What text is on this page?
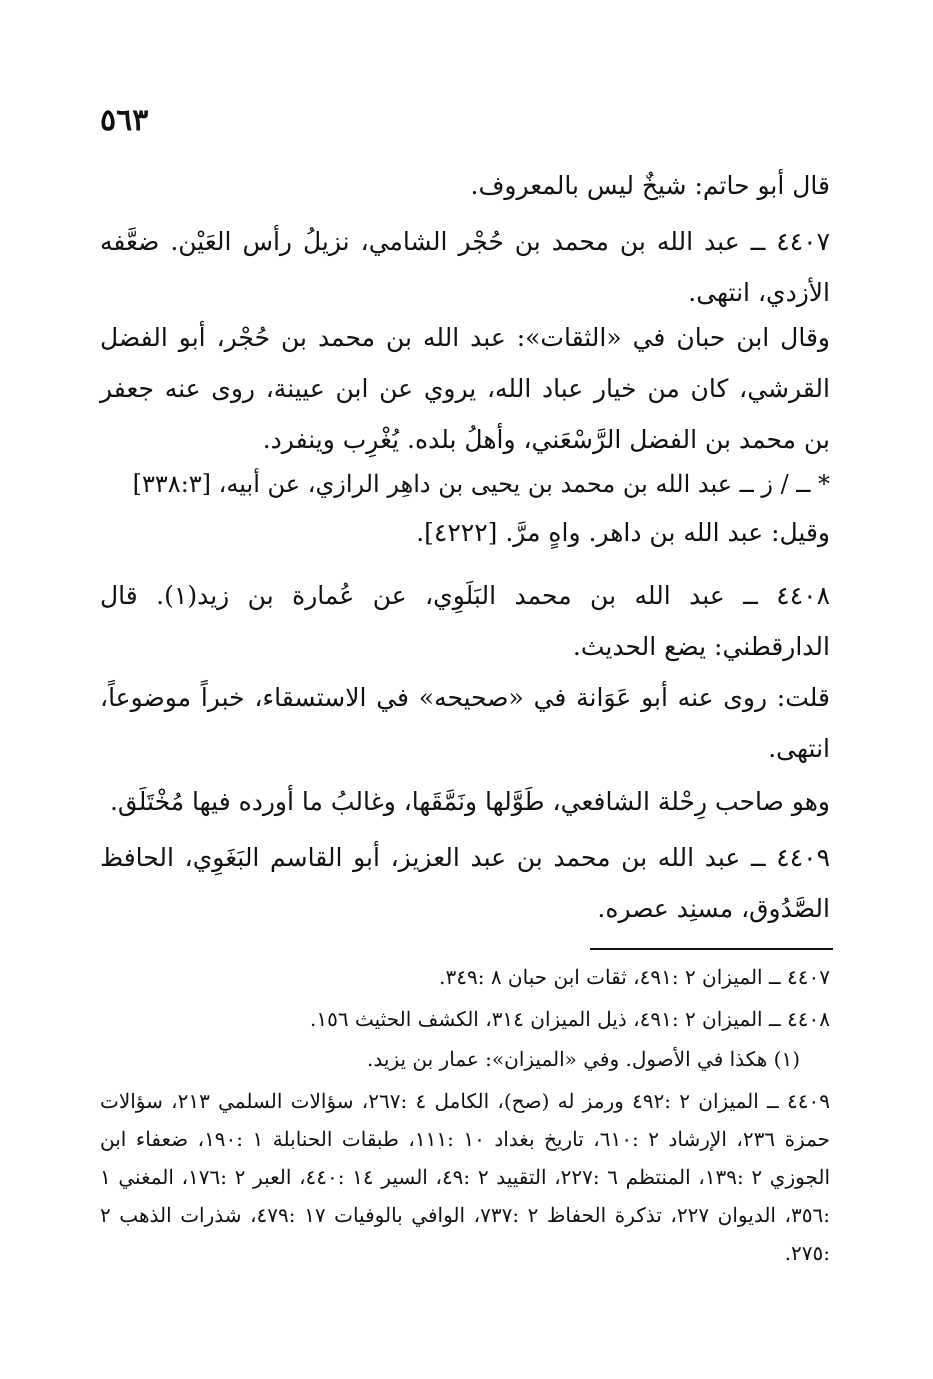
٥٦٣

قال أبو حاتم: شيخٌ ليس بالمعروف.

٤٤٠٧ ــ عبد الله بن محمد بن حُجْر الشامي، نزيلُ رأس العَيْن. ضعَّفه الأزدي، انتهى.

وقال ابن حبان في «الثقات»: عبد الله بن محمد بن حُجْر، أبو الفضل القرشي، كان من خيار عباد الله، يروي عن ابن عيينة، روى عنه جعفر بن محمد بن الفضل الرَّسْعَني، وأهلُ بلده. يُغْرِب وينفرد.

* ــ / ز ــ عبد الله بن محمد بن يحيى بن داهِر الرازي، عن أبيه، [٣٣٨:٣]

وقيل: عبد الله بن داهر. واهٍ مرَّ. [٤٢٢٢].

٤٤٠٨ ــ عبد الله بن محمد البَلَوِي، عن عُمارة بن زيد(١). قال الدارقطني: يضع الحديث.

قلت: روى عنه أبو عَوَانة في «صحيحه» في الاستسقاء، خبراً موضوعاً، انتهى.

وهو صاحب رِحْلة الشافعي، طَوَّلها ونَمَّقَها، وغالبُ ما أورده فيها مُخْتَلَق.

٤٤٠٩ ــ عبد الله بن محمد بن عبد العزيز، أبو القاسم البَغَوِي، الحافظ الصَّدُوق، مسنِد عصره.

٤٤٠٧ ــ الميزان ٢ :٤٩١، ثقات ابن حبان ٨ :٣٤٩.

٤٤٠٨ ــ الميزان ٢ :٤٩١، ذيل الميزان ٣١٤، الكشف الحثيث ١٥٦.

(١) هكذا في الأصول. وفي «الميزان»: عمار بن يزيد.

٤٤٠٩ ــ الميزان ٢ :٤٩٢ ورمز له (صح)، الكامل ٤ :٢٦٧، سؤالات السلمي ٢١٣، سؤالات حمزة ٢٣٦، الإرشاد ٢ :٦١٠، تاريخ بغداد ١٠ :١١١، طبقات الحنابلة ١ :١٩٠، ضعفاء ابن الجوزي ٢ :١٣٩، المنتظم ٦ :٢٢٧، التقييد ٢ :٤٩، السير ١٤ :٤٤٠، العبر ٢ :١٧٦، المغني ١ :٣٥٦، الديوان ٢٢٧، تذكرة الحفاظ ٢ :٧٣٧، الوافي بالوفيات ١٧ :٤٧٩، شذرات الذهب ٢ :٢٧٥.
